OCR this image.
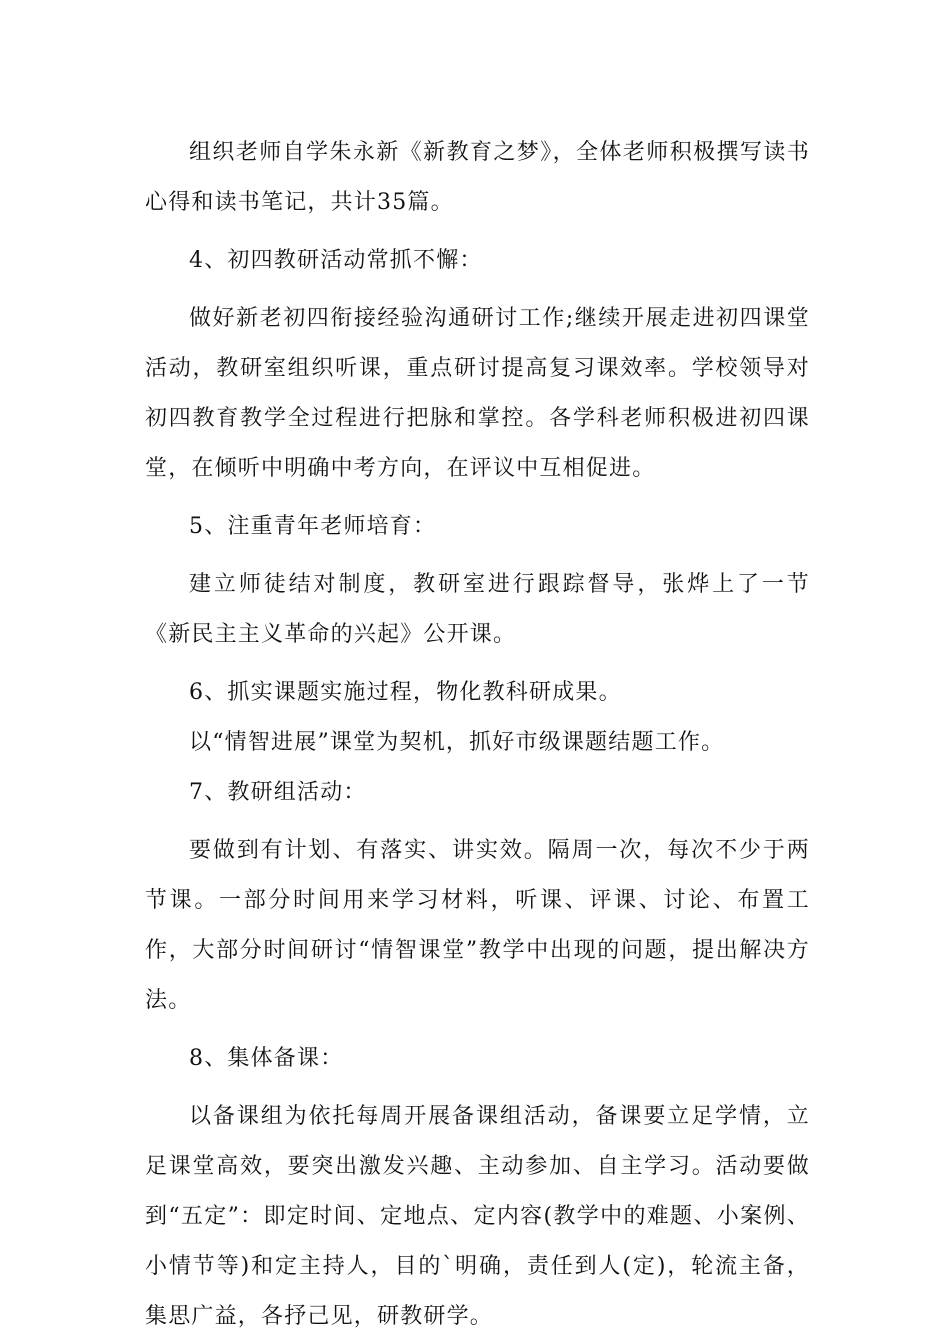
组织老师自学朱永新《新教育之梦》，全体老师积极撰写读书心得和读书笔记，共计35篇。

4、初四教研活动常抓不懈：

做好新老初四衔接经验沟通研讨工作;继续开展走进初四课堂活动，教研室组织听课，重点研讨提高复习课效率。学校领导对初四教育教学全过程进行把脉和掌控。各学科老师积极进初四课堂，在倾听中明确中考方向，在评议中互相促进。

5、注重青年老师培育：

建立师徒结对制度，教研室进行跟踪督导，张烨上了一节《新民主主义革命的兴起》公开课。

6、抓实课题实施过程，物化教科研成果。

以“情智进展”课堂为契机，抓好市级课题结题工作。

7、教研组活动：

要做到有计划、有落实、讲实效。隔周一次，每次不少于两节课。一部分时间用来学习材料，听课、评课、讨论、布置工作，大部分时间研讨“情智课堂”教学中出现的问题，提出解决方法。

8、集体备课：

以备课组为依托每周开展备课组活动，备课要立足学情，立足课堂高效，要突出激发兴趣、主动参加、自主学习。活动要做到“五定”：即定时间、定地点、定内容(教学中的难题、小案例、小情节等)和定主持人，目的`明确，责任到人(定)，轮流主备，集思广益，各抒己见，研教研学。
